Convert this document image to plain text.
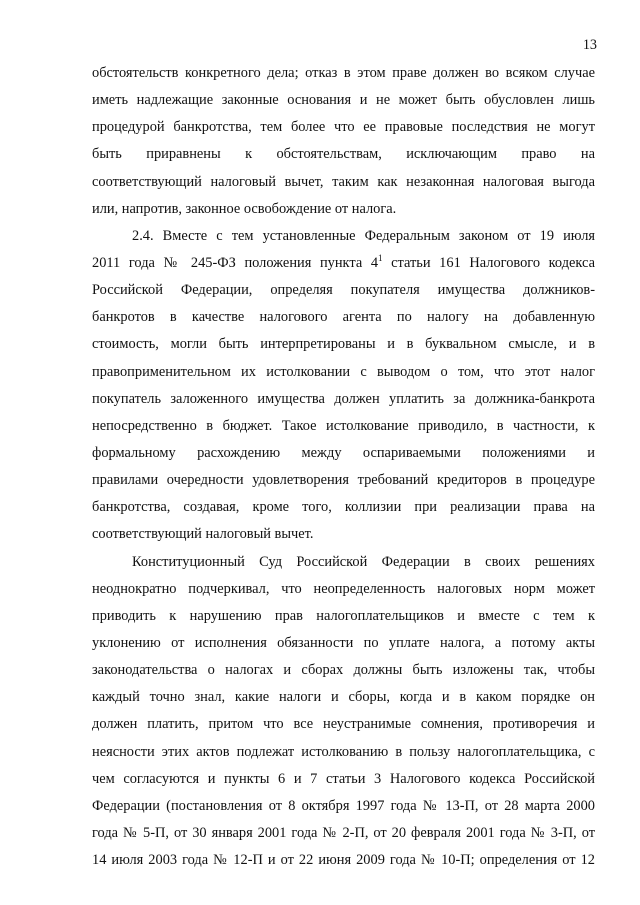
13
обстоятельств конкретного дела; отказ в этом праве должен во всяком случае
иметь надлежащие законные основания и не может быть обусловлен лишь
процедурой банкротства, тем более что ее правовые последствия не могут
быть приравнены к обстоятельствам, исключающим право на
соответствующий налоговый вычет, таким как незаконная налоговая выгода
или, напротив, законное освобождение от налога.
2.4. Вместе с тем установленные Федеральным законом от 19 июля
2011 года № 245-ФЗ положения пункта $4^1$ статьи 161 Налогового кодекса
Российской Федерации, определяя покупателя имущества должников-
банкротов в качестве налогового агента по налогу на добавленную
стоимость, могли быть интерпретированы и в буквальном смысле, и в
правоприменительном их истолковании с выводом о том, что этот налог
покупатель заложенного имущества должен уплатить за должника-банкрота
непосредственно в бюджет. Такое истолкование приводило, в частности, к
формальному расхождению между оспариваемыми положениями и
правилами очередности удовлетворения требований кредиторов в процедуре
банкротства, создавая, кроме того, коллизии при реализации права на
соответствующий налоговый вычет.
Конституционный Суд Российской Федерации в своих решениях
неоднократно подчеркивал, что неопределенность налоговых норм может
приводить к нарушению прав налогоплательщиков и вместе с тем к
уклонению от исполнения обязанности по уплате налога, а потому акты
законодательства о налогах и сборах должны быть изложены так, чтобы
каждый точно знал, какие налоги и сборы, когда и в каком порядке он
должен платить, притом что все неустранимые сомнения, противоречия и
неясности этих актов подлежат истолкованию в пользу налогоплательщика, с
чем согласуются и пункты 6 и 7 статьи 3 Налогового кодекса Российской
Федерации (постановления от 8 октября 1997 года № 13-П, от 28 марта 2000
года № 5-П, от 30 января 2001 года № 2-П, от 20 февраля 2001 года № 3-П, от
14 июля 2003 года № 12-П и от 22 июня 2009 года № 10-П; определения от 12
